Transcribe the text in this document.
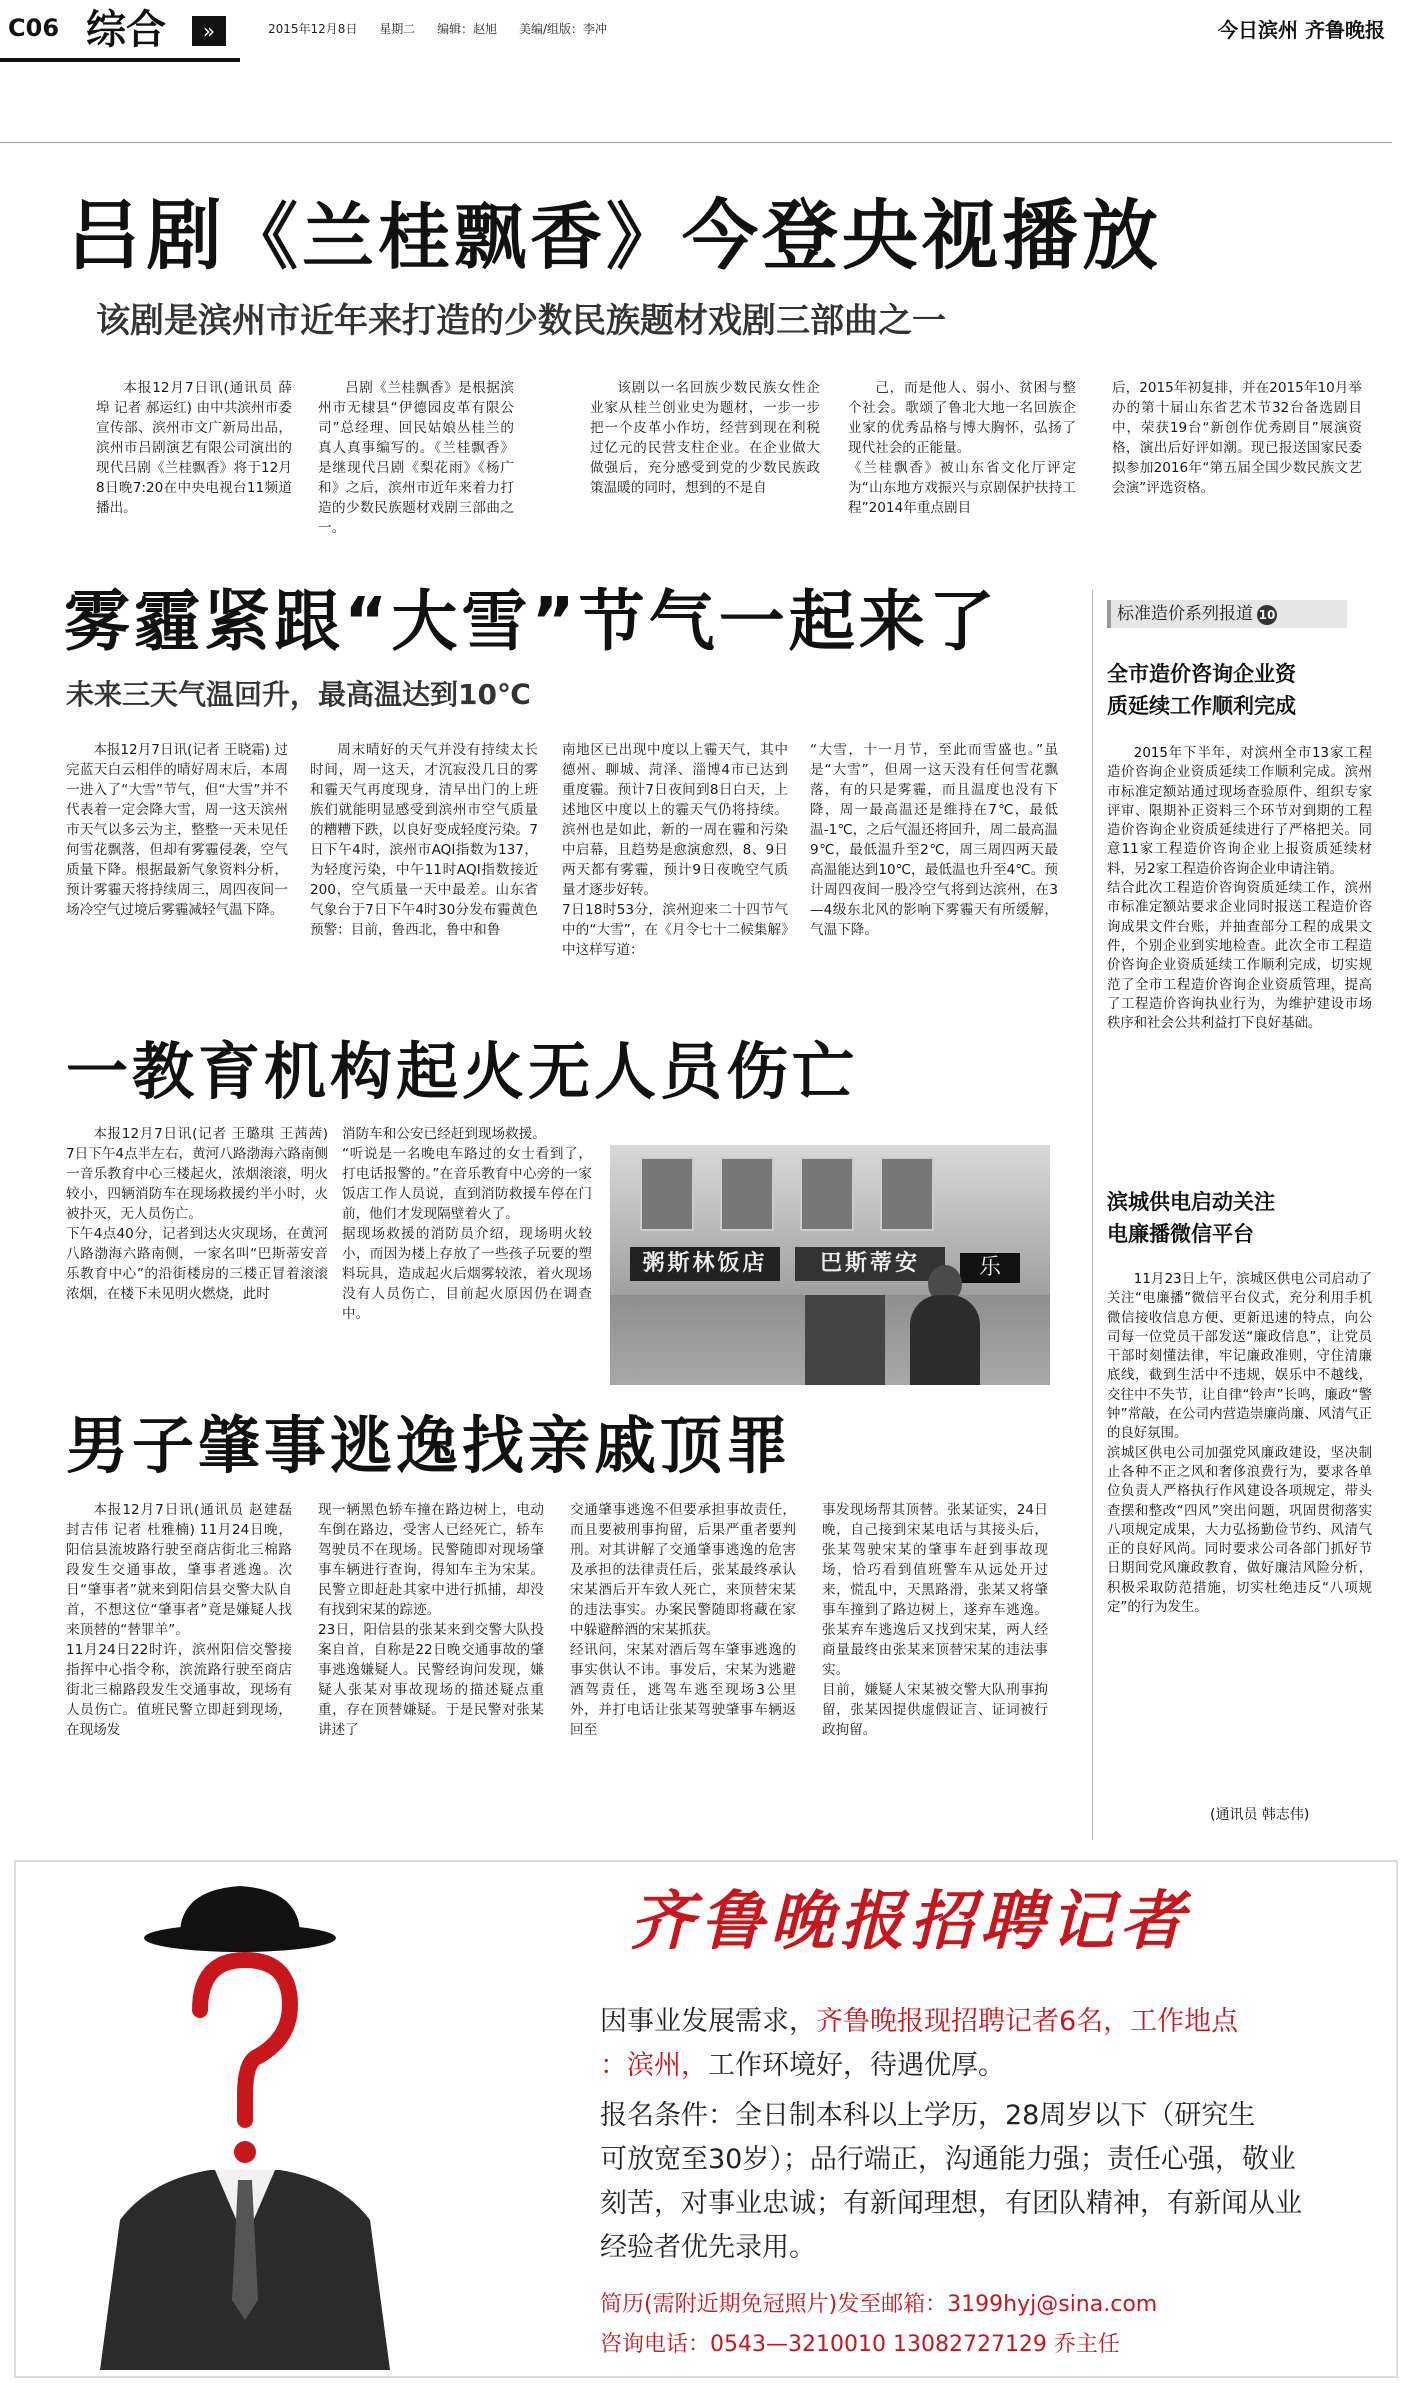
C06 综合	»	2015年12月8日 星期二 编辑：赵旭 美编/组版：李冲	今日滨州 齐鲁晚报
吕剧《兰桂飘香》今登央视播放
该剧是滨州市近年来打造的少数民族题材戏剧三部曲之一

本报12月7日讯(通讯员 薛埠 记者 郝运红) 由中共滨州市委宣传部、滨州市文广新局出品，滨州市吕剧演艺有限公司演出的现代吕剧《兰桂飘香》将于12月8日晚7:20在中央电视台11频道播出。

吕剧《兰桂飘香》是根据滨州市无棣县“伊德园皮革有限公司”总经理、回民姑娘丛桂兰的真人真事编写的。《兰桂飘香》是继现代吕剧《梨花雨》《杨广和》之后，滨州市近年来着力打造的少数民族题材戏剧三部曲之一。

该剧以一名回族少数民族女性企业家从桂兰创业史为题材，一步一步把一个皮革小作坊，经营到现在利税过亿元的民营支柱企业。在企业做大做强后，充分感受到党的少数民族政策温暖的同时，想到的不是自

己，而是他人、弱小、贫困与整个社会。歌颂了鲁北大地一名回族企业家的优秀品格与博大胸怀，弘扬了现代社会的正能量。
《兰桂飘香》被山东省文化厅评定为“山东地方戏振兴与京剧保护扶持工程”2014年重点剧目

后，2015年初复排，并在2015年10月举办的第十届山东省艺术节32台备选剧目中，荣获19台“新创作优秀剧目”展演资格，演出后好评如潮。现已报送国家民委拟参加2016年“第五届全国少数民族文艺会演”评选资格。

雾霾紧跟“大雪”节气一起来了
未来三天气温回升，最高温达到10℃

本报12月7日讯(记者 王晓霜) 过完蓝天白云相伴的晴好周末后，本周一进入了“大雪”节气，但“大雪”并不代表着一定会降大雪，周一这天滨州市天气以多云为主，整整一天未见任何雪花飘落，但却有雾霾侵袭，空气质量下降。根据最新气象资料分析，预计雾霾天将持续周三，周四夜间一场冷空气过境后雾霾减轻气温下降。

周末晴好的天气并没有持续太长时间，周一这天，才沉寂没几日的雾和霾天气再度现身，清早出门的上班族们就能明显感受到滨州市空气质量的糟糟下跌，以良好变成轻度污染。7日下午4时，滨州市AQI指数为137，为轻度污染，中午11时AQI指数接近200，空气质量一天中最差。山东省气象台于7日下午4时30分发布霾黄色预警：目前，鲁西北，鲁中和鲁

南地区已出现中度以上霾天气，其中德州、聊城、菏泽、淄博4市已达到重度霾。预计7日夜间到8日白天，上述地区中度以上的霾天气仍将持续。滨州也是如此，新的一周在霾和污染中启幕，且趋势是愈演愈烈，8、9日两天都有雾霾，预计9日夜晚空气质量才逐步好转。
7日18时53分，滨州迎来二十四节气中的“大雪”，在《月令七十二候集解》中这样写道：

“大雪，十一月节，至此而雪盛也。”虽是“大雪”，但周一这天没有任何雪花飘落，有的只是雾霾，而且温度也没有下降，周一最高温还是维持在7℃，最低温-1℃，之后气温还将回升，周二最高温9℃，最低温升至2℃，周三周四两天最高温能达到10℃，最低温也升至4℃。预计周四夜间一股冷空气将到达滨州，在3—4级东北风的影响下雾霾天有所缓解，气温下降。

一教育机构起火无人员伤亡

本报12月7日讯(记者 王璐琪 王茜茜) 7日下午4点半左右，黄河八路渤海六路南侧一音乐教育中心三楼起火，浓烟滚滚，明火较小，四辆消防车在现场救援约半小时，火被扑灭，无人员伤亡。
下午4点40分，记者到达火灾现场，在黄河八路渤海六路南侧，一家名叫“巴斯蒂安音乐教育中心”的沿街楼房的三楼正冒着滚滚浓烟，在楼下未见明火燃烧，此时

消防车和公安已经赶到现场救援。
“听说是一名晚电车路过的女士看到了，打电话报警的。”在音乐教育中心旁的一家饭店工作人员说，直到消防救援车停在门前，他们才发现隔壁着火了。
据现场救援的消防员介绍，现场明火较小，而因为楼上存放了一些孩子玩要的塑料玩具，造成起火后烟雾较浓，着火现场没有人员伤亡，目前起火原因仍在调查中。

粥斯林饭店	巴斯蒂安	乐
男子肇事逃逸找亲戚顶罪

本报12月7日讯(通讯员 赵建磊 封吉伟 记者 杜雅楠) 11月24日晚，阳信县流坡路行驶至商店街北三棉路段发生交通事故，肇事者逃逸。次日“肇事者”就来到阳信县交警大队自首，不想这位“肇事者”竟是嫌疑人找来顶替的“替罪羊”。
11月24日22时许，滨州阳信交警接指挥中心指令称，滨流路行驶至商店街北三棉路段发生交通事故，现场有人员伤亡。值班民警立即赶到现场，在现场发

现一辆黑色轿车撞在路边树上，电动车倒在路边，受害人已经死亡，轿车驾驶员不在现场。民警随即对现场肇事车辆进行查询，得知车主为宋某。民警立即赶赴其家中进行抓捕，却没有找到宋某的踪迹。
23日，阳信县的张某来到交警大队投案自首，自称是22日晚交通事故的肇事逃逸嫌疑人。民警经询问发现，嫌疑人张某对事故现场的描述疑点重重，存在顶替嫌疑。于是民警对张某讲述了

交通肇事逃逸不但要承担事故责任，而且要被刑事拘留，后果严重者要判刑。对其讲解了交通肇事逃逸的危害及承担的法律责任后，张某最终承认宋某酒后开车致人死亡，来顶替宋某的违法事实。办案民警随即将藏在家中躲避醉酒的宋某抓获。
经讯问，宋某对酒后驾车肇事逃逸的事实供认不讳。事发后，宋某为逃避酒驾责任，逃驾车逃至现场3公里外，并打电话让张某驾驶肇事车辆返回至

事发现场帮其顶替。张某证实，24日晚，自己接到宋某电话与其接头后，张某驾驶宋某的肇事车赶到事故现场，恰巧看到值班警车从远处开过来，慌乱中，天黑路滑，张某又将肇事车撞到了路边树上，遂弃车逃逸。张某弃车逃逸后又找到宋某，两人经商量最终由张某来顶替宋某的违法事实。
目前，嫌疑人宋某被交警大队刑事拘留，张某因提供虚假证言、证词被行政拘留。

标准造价系列报道 10
全市造价咨询企业资
质延续工作顺利完成

2015年下半年，对滨州全市13家工程造价咨询企业资质延续工作顺利完成。滨州市标准定额站通过现场查验原件、组织专家评审、限期补正资料三个环节对到期的工程造价咨询企业资质延续进行了严格把关。同意11家工程造价咨询企业上报资质延续材料，另2家工程造价咨询企业申请注销。
结合此次工程造价咨询资质延续工作，滨州市标准定额站要求企业同时报送工程造价咨询成果文件台账，并抽查部分工程的成果文件，个别企业到实地检查。此次全市工程造价咨询企业资质延续工作顺利完成，切实规范了全市工程造价咨询企业资质管理，提高了工程造价咨询执业行为，为维护建设市场秩序和社会公共利益打下良好基础。

滨城供电启动关注
电廉播微信平台

11月23日上午，滨城区供电公司启动了关注“电廉播”微信平台仪式，充分利用手机微信接收信息方便、更新迅速的特点，向公司每一位党员干部发送“廉政信息”，让党员干部时刻懂法律，牢记廉政准则，守住清廉底线，截到生活中不违规，娱乐中不越线，交往中不失节，让自律“铃声”长鸣，廉政“警钟”常敲，在公司内营造崇廉尚廉、风清气正的良好氛围。
滨城区供电公司加强党风廉政建设，坚决制止各种不正之风和奢侈浪费行为，要求各单位负责人严格执行作风建设各项规定，带头查摆和整改“四风”突出问题，巩固贯彻落实八项规定成果，大力弘扬勤俭节约、风清气正的良好风尚。同时要求公司各部门抓好节日期间党风廉政教育，做好廉洁风险分析，积极采取防范措施，切实杜绝违反“八项规定”的行为发生。

(通讯员 韩志伟)
齐鲁晚报招聘记者
因事业发展需求，齐鲁晚报现招聘记者6名，工作地点
：滨州，工作环境好，待遇优厚。
报名条件：全日制本科以上学历，28周岁以下（研究生
可放宽至30岁）；品行端正，沟通能力强；责任心强，敬业
刻苦，对事业忠诚；有新闻理想，有团队精神，有新闻从业
经验者优先录用。
简历(需附近期免冠照片)发至邮箱：3199hyj@sina.com
咨询电话：0543—3210010 13082727129 乔主任
